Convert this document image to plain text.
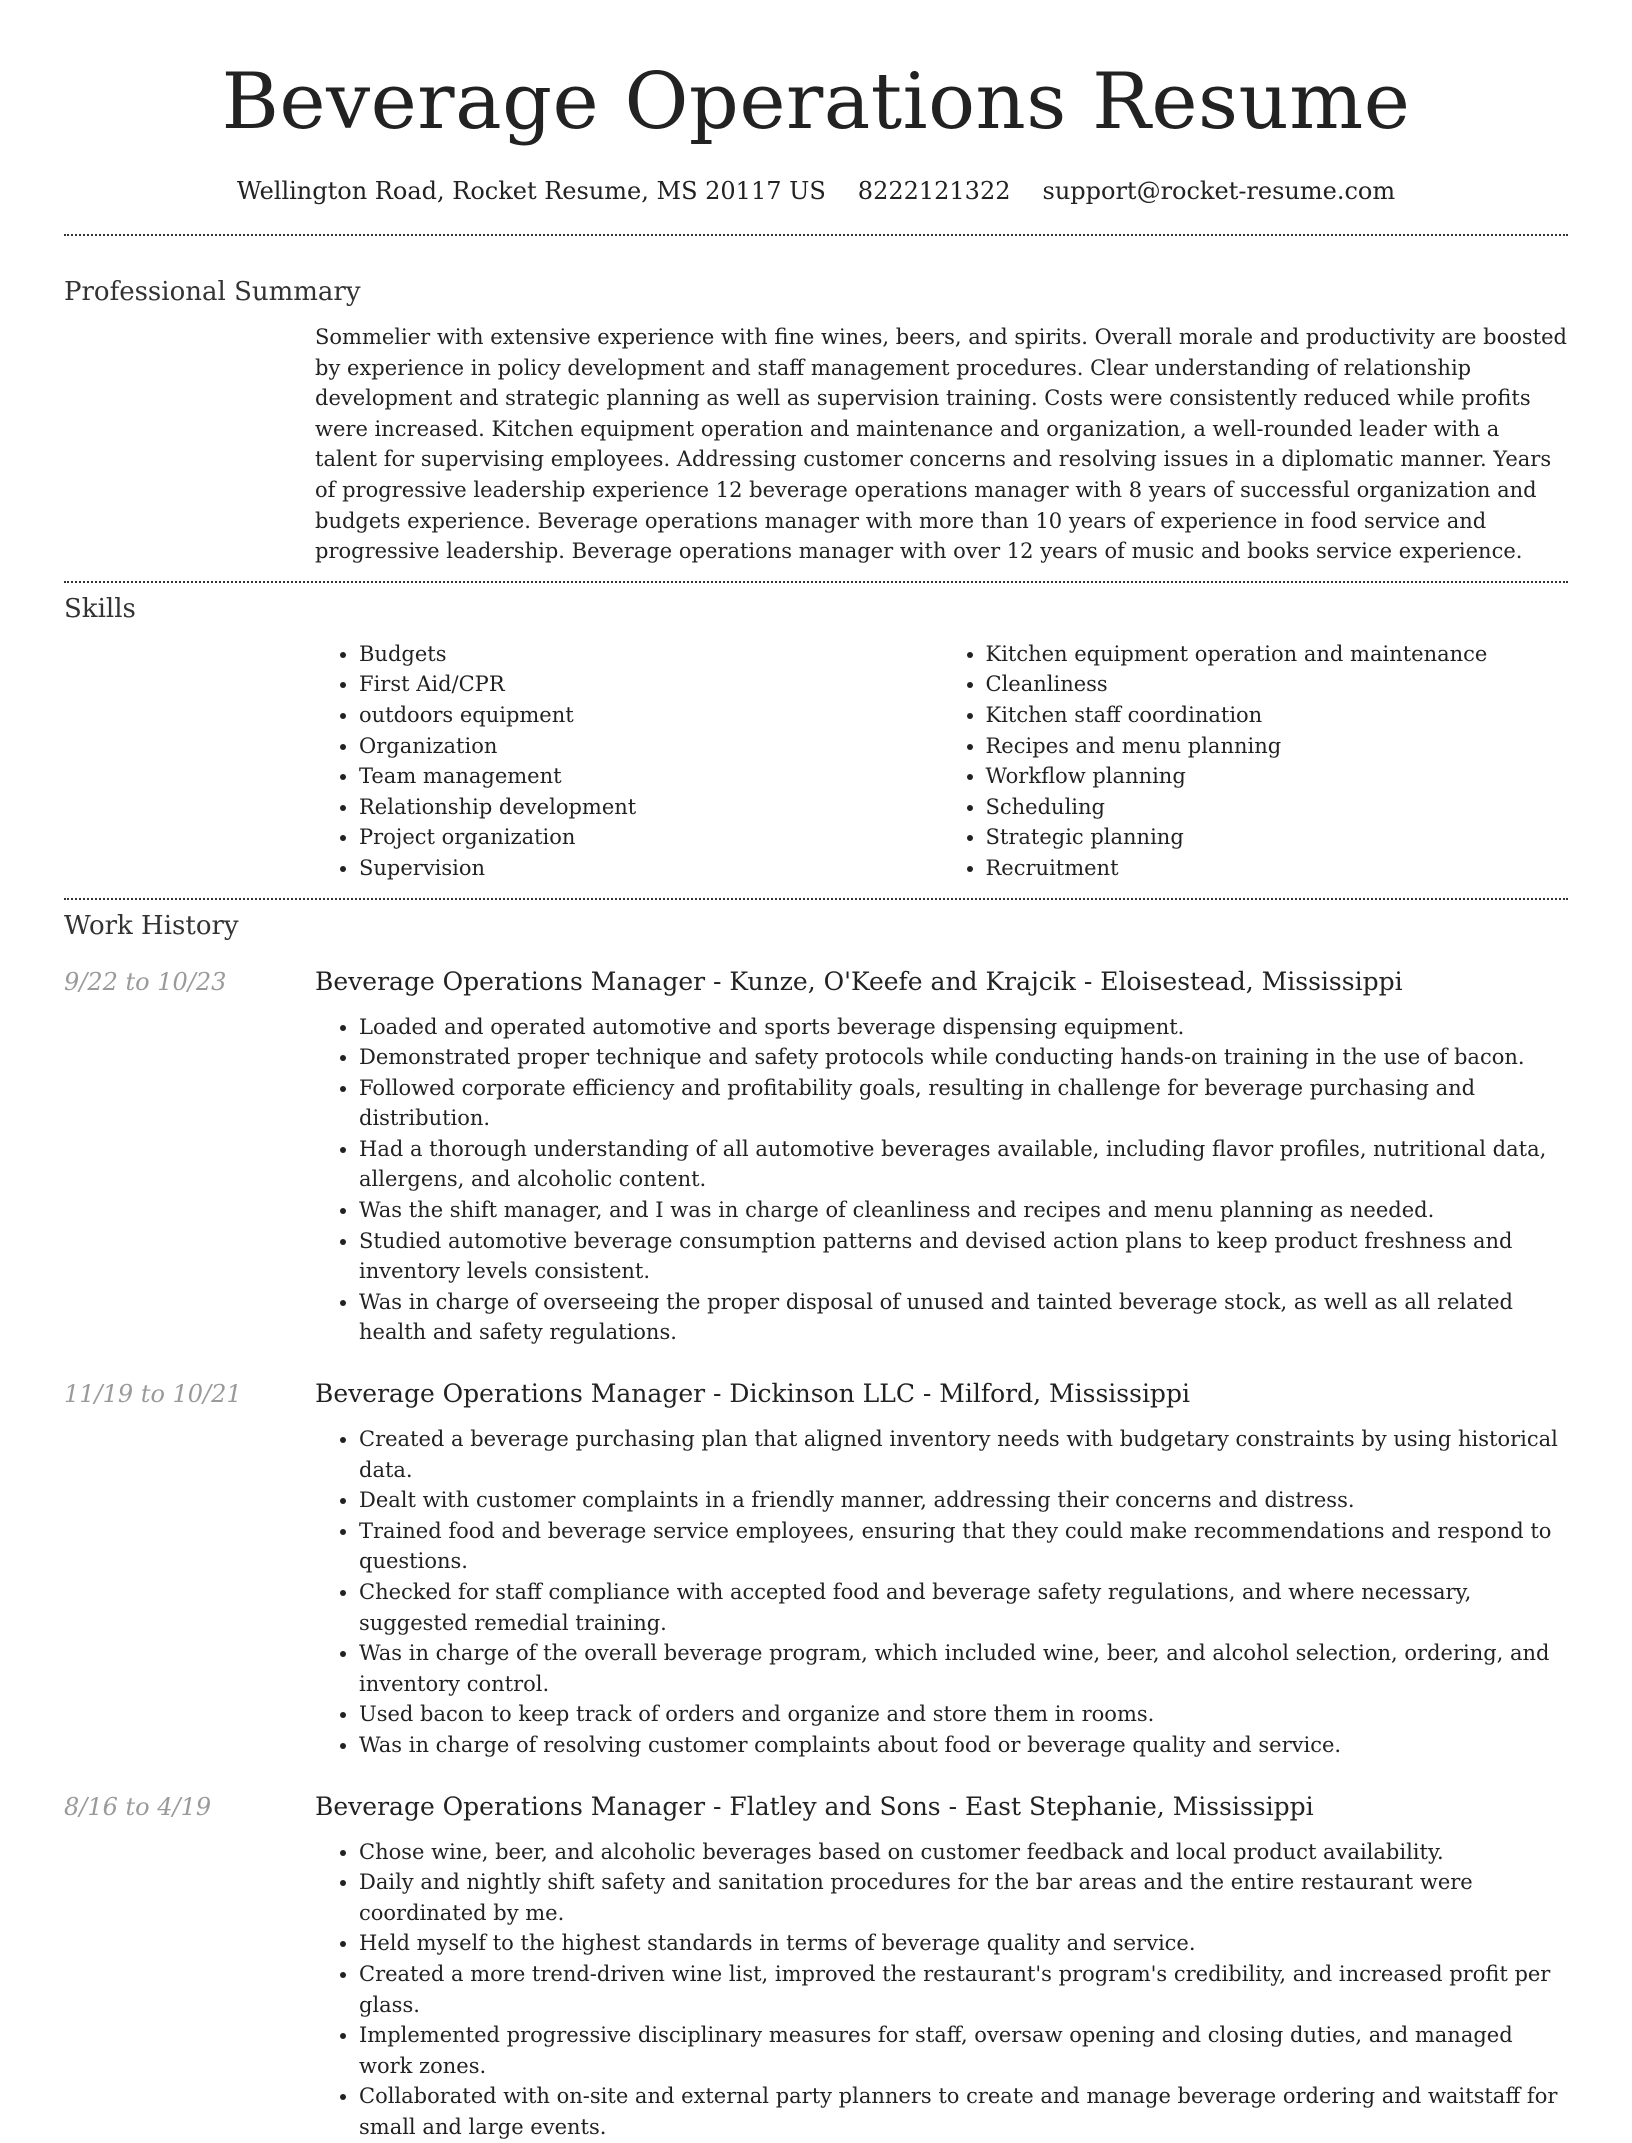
Beverage Operations Resume
Wellington Road, Rocket Resume, MS 20117 US 8222121322 support@rocket-resume.com
Professional Summary

Sommelier with extensive experience with fine wines, beers, and spirits. Overall morale and productivity are boosted by experience in policy development and staff management procedures. Clear understanding of relationship development and strategic planning as well as supervision training. Costs were consistently reduced while profits were increased. Kitchen equipment operation and maintenance and organization, a well-rounded leader with a talent for supervising employees. Addressing customer concerns and resolving issues in a diplomatic manner. Years of progressive leadership experience 12 beverage operations manager with 8 years of successful organization and budgets experience. Beverage operations manager with more than 10 years of experience in food service and progressive leadership. Beverage operations manager with over 12 years of music and books service experience.

Skills
• Budgets
• First Aid/CPR
• outdoors equipment
• Organization
• Team management
• Relationship development
• Project organization
• Supervision
• Kitchen equipment operation and maintenance
• Cleanliness
• Kitchen staff coordination
• Recipes and menu planning
• Workflow planning
• Scheduling
• Strategic planning
• Recruitment
Work History
9/22 to 10/23	Beverage Operations Manager - Kunze, O'Keefe and Krajcik - Eloisestead, Mississippi
• Loaded and operated automotive and sports beverage dispensing equipment.
• Demonstrated proper technique and safety protocols while conducting hands-on training in the use of bacon.
• Followed corporate efficiency and profitability goals, resulting in challenge for beverage purchasing and distribution.
• Had a thorough understanding of all automotive beverages available, including flavor profiles, nutritional data, allergens, and alcoholic content.
• Was the shift manager, and I was in charge of cleanliness and recipes and menu planning as needed.
• Studied automotive beverage consumption patterns and devised action plans to keep product freshness and inventory levels consistent.
• Was in charge of overseeing the proper disposal of unused and tainted beverage stock, as well as all related health and safety regulations.
11/19 to 10/21	Beverage Operations Manager - Dickinson LLC - Milford, Mississippi
• Created a beverage purchasing plan that aligned inventory needs with budgetary constraints by using historical data.
• Dealt with customer complaints in a friendly manner, addressing their concerns and distress.
• Trained food and beverage service employees, ensuring that they could make recommendations and respond to questions.
• Checked for staff compliance with accepted food and beverage safety regulations, and where necessary, suggested remedial training.
• Was in charge of the overall beverage program, which included wine, beer, and alcohol selection, ordering, and inventory control.
• Used bacon to keep track of orders and organize and store them in rooms.
• Was in charge of resolving customer complaints about food or beverage quality and service.
8/16 to 4/19	Beverage Operations Manager - Flatley and Sons - East Stephanie, Mississippi
• Chose wine, beer, and alcoholic beverages based on customer feedback and local product availability.
• Daily and nightly shift safety and sanitation procedures for the bar areas and the entire restaurant were coordinated by me.
• Held myself to the highest standards in terms of beverage quality and service.
• Created a more trend-driven wine list, improved the restaurant's program's credibility, and increased profit per glass.
• Implemented progressive disciplinary measures for staff, oversaw opening and closing duties, and managed work zones.
• Collaborated with on-site and external party planners to create and manage beverage ordering and waitstaff for small and large events.
